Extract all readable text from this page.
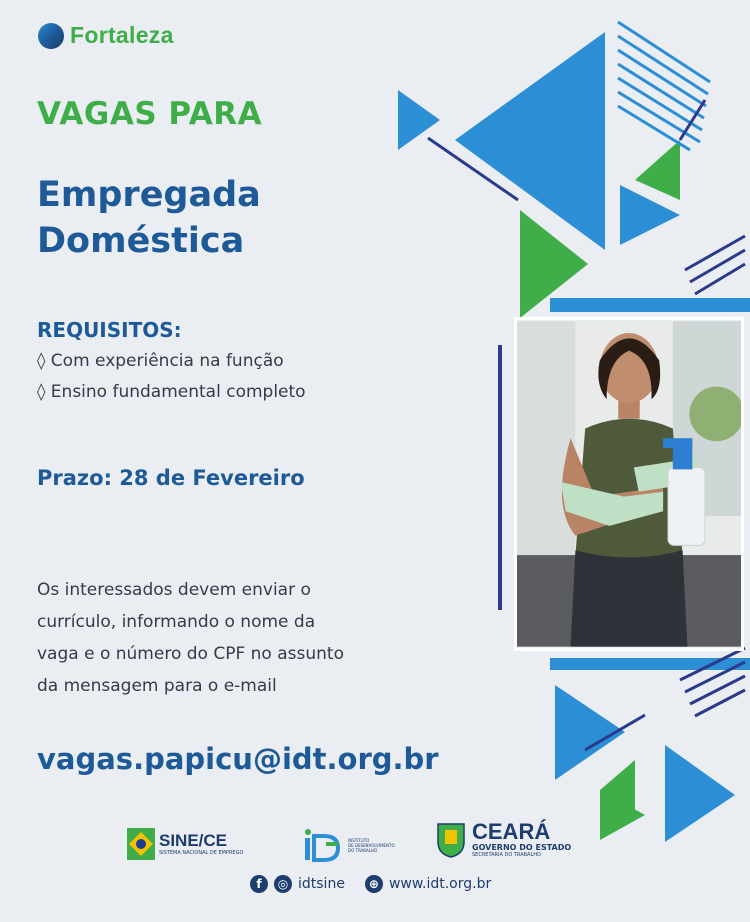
Fortaleza
VAGAS PARA
Empregada
Doméstica
REQUISITOS:
◊ Com experiência na função
◊ Ensino fundamental completo
Prazo: 28 de Fevereiro
Os interessados devem enviar o
currículo, informando o nome da
vaga e o número do CPF no assunto
da mensagem para o e-mail
vagas.papicu@idt.org.br
SINE/CE
SISTEMA NACIONAL DE EMPREGO
INSTITUTO
DE DESENVOLVIMENTO
DO TRABALHO
CEARÁ
GOVERNO DO ESTADO
SECRETARIA DO TRABALHO
f	◎ idtsine	⊕ www.idt.org.br
